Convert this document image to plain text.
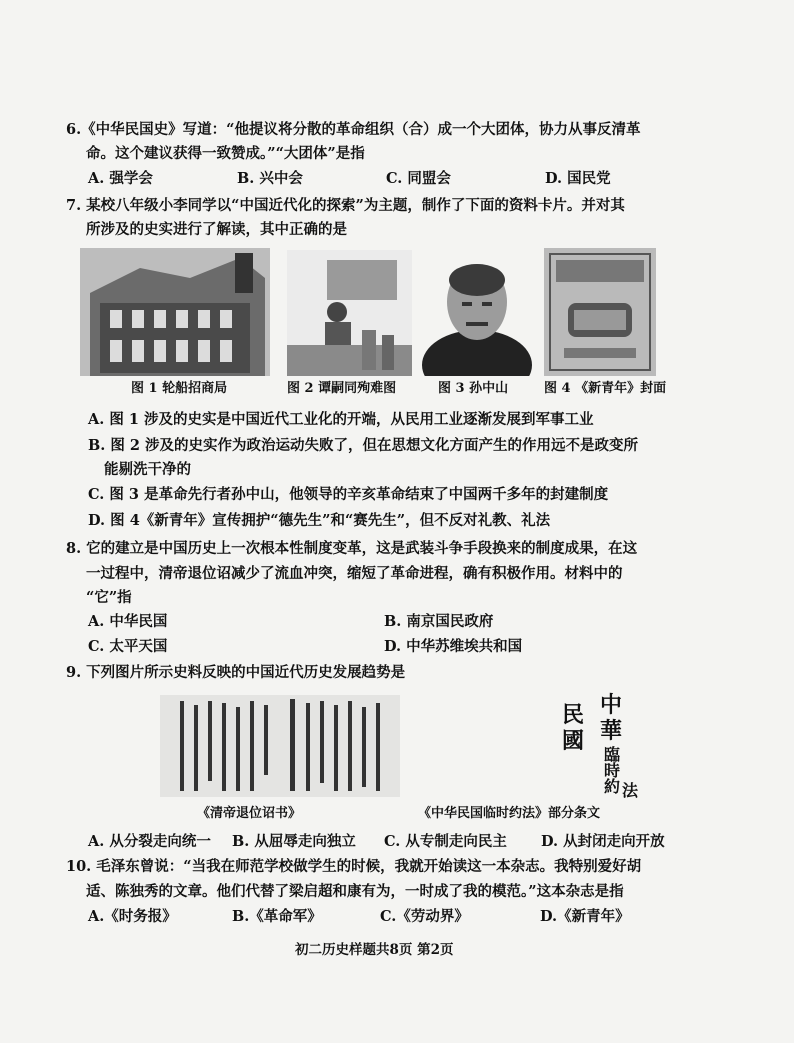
6.《中华民国史》写道：“他提议将分散的革命组织（合）成一个大团体，协力从事反清革
命。这个建议获得一致赞成。”“大团体”是指
A. 强学会	B. 兴中会	C. 同盟会	D. 国民党
7. 某校八年级小李同学以“中国近代化的探索”为主题，制作了下面的资料卡片。并对其
所涉及的史实进行了解读，其中正确的是
图 1 轮船招商局	图 2 谭嗣同殉难图	图 3 孙中山	图 4 《新青年》封面
A. 图 1 涉及的史实是中国近代工业化的开端，从民用工业逐渐发展到军事工业
B. 图 2 涉及的史实作为政治运动失败了，但在思想文化方面产生的作用远不是政变所
能剔洗干净的
C. 图 3 是革命先行者孙中山，他领导的辛亥革命结束了中国两千多年的封建制度
D. 图 4《新青年》宣传拥护“德先生”和“赛先生”，但不反对礼教、礼法
8. 它的建立是中国历史上一次根本性制度变革，这是武装斗争手段换来的制度成果，在这
一过程中，清帝退位诏减少了流血冲突，缩短了革命进程，确有积极作用。材料中的
“它”指
A. 中华民国	B. 南京国民政府
C. 太平天国	D. 中华苏维埃共和国
9. 下列图片所示史料反映的中国近代历史发展趋势是
《清帝退位诏书》
中
華
民
國
臨
時
約 法
《中华民国临时约法》部分条文
A. 从分裂走向统一 B. 从屈辱走向独立 C. 从专制走向民主 D. 从封闭走向开放
10. 毛泽东曾说：“当我在师范学校做学生的时候，我就开始读这一本杂志。我特别爱好胡
适、陈独秀的文章。他们代替了梁启超和康有为，一时成了我的模范。”这本杂志是指
A.《时务报》	B.《革命军》	C.《劳动界》	D.《新青年》
初二历史样题共8页 第2页
